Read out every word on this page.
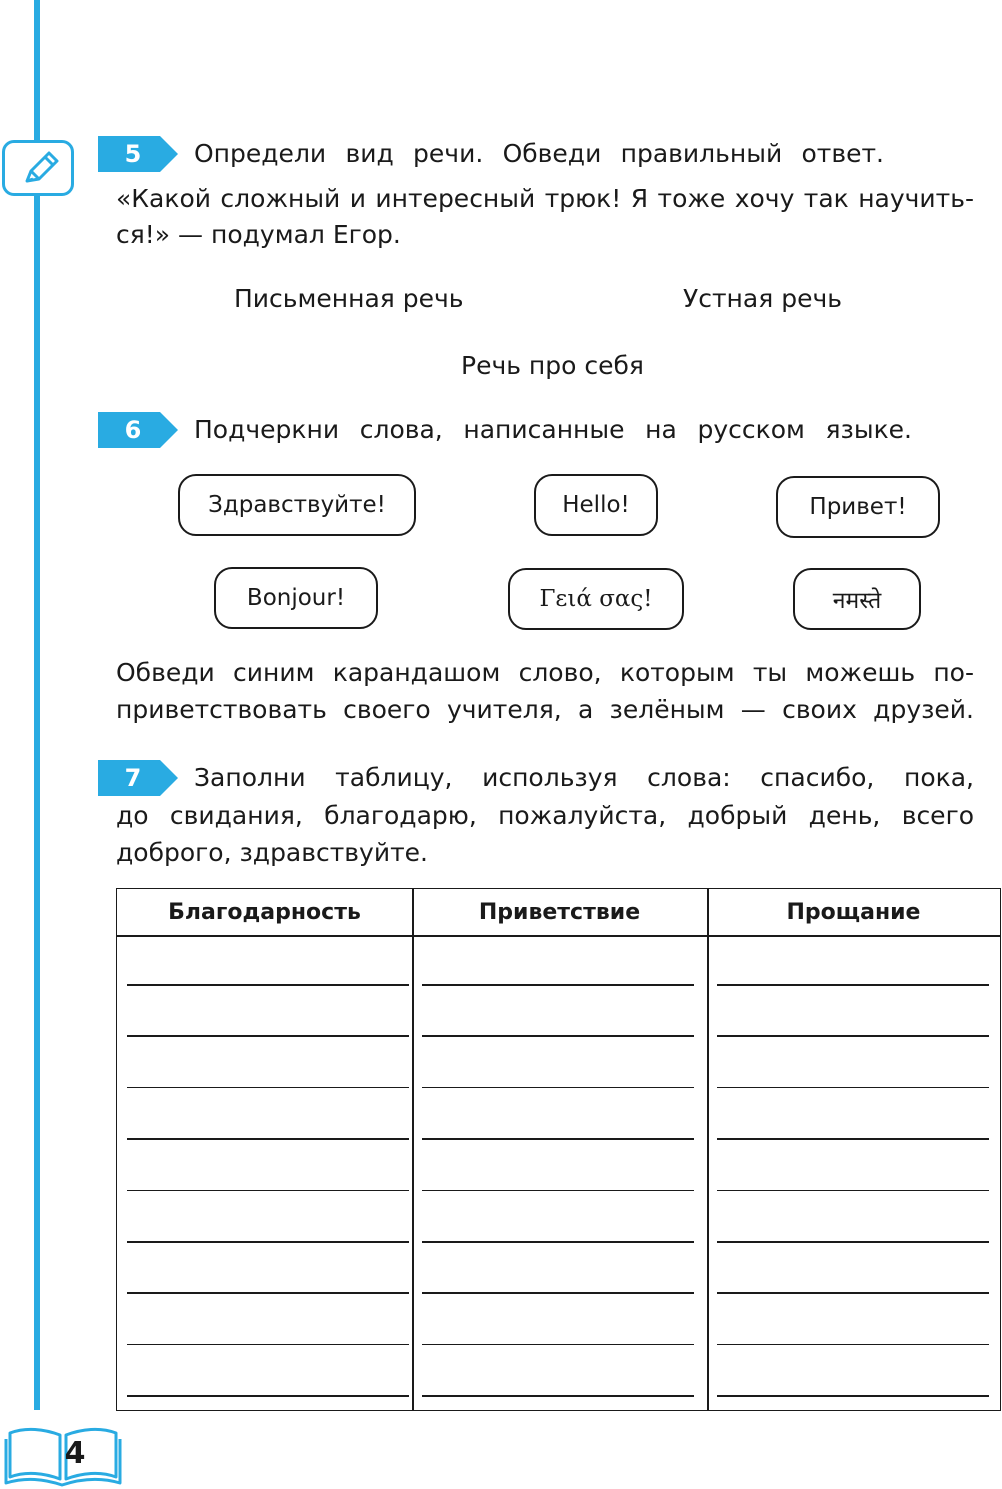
5	Определи вид речи. Обведи правильный ответ.
«Какой сложный и интересный трюк! Я тоже хочу так научить-
ся!» — подумал Егор.
Письменная речь	Устная речь
Речь про себя
6	Подчеркни слова, написанные на русском языке.
Здравствуйте!	Hello!	Привет!
Bonjour!	Γειά σας!	नमस्ते
Обведи синим карандашом слово, которым ты можешь по-
приветствовать своего учителя, а зелёным — своих друзей.
7	Заполни таблицу, используя слова: спасибо, пока,
до свидания, благодарю, пожалуйста, добрый день, всего
доброго, здравствуйте.
Благодарность	Приветствие	Прощание
4
